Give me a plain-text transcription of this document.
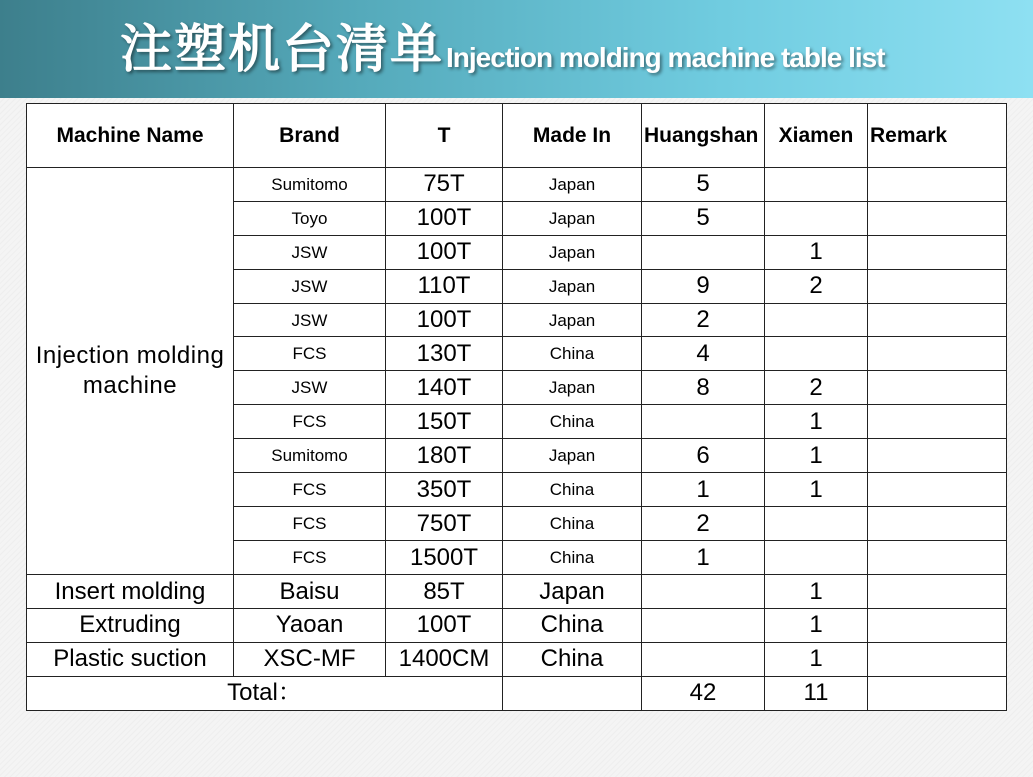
注塑机台清单 Injection molding machine table list
Machine Name	Brand	T	Made In	Huangshan	Xiamen	Remark
Injection molding machine	Sumitomo	75T	Japan	5		
	Toyo	100T	Japan	5		
	JSW	100T	Japan		1	
	JSW	110T	Japan	9	2	
	JSW	100T	Japan	2		
	FCS	130T	China	4		
	JSW	140T	Japan	8	2	
	FCS	150T	China		1	
	Sumitomo	180T	Japan	6	1	
	FCS	350T	China	1	1	
	FCS	750T	China	2		
	FCS	1500T	China	1		
Insert molding	Baisu	85T	Japan		1	
Extruding	Yaoan	100T	China		1	
Plastic suction	XSC-MF	1400CM	China		1	
Total：				42	11	
